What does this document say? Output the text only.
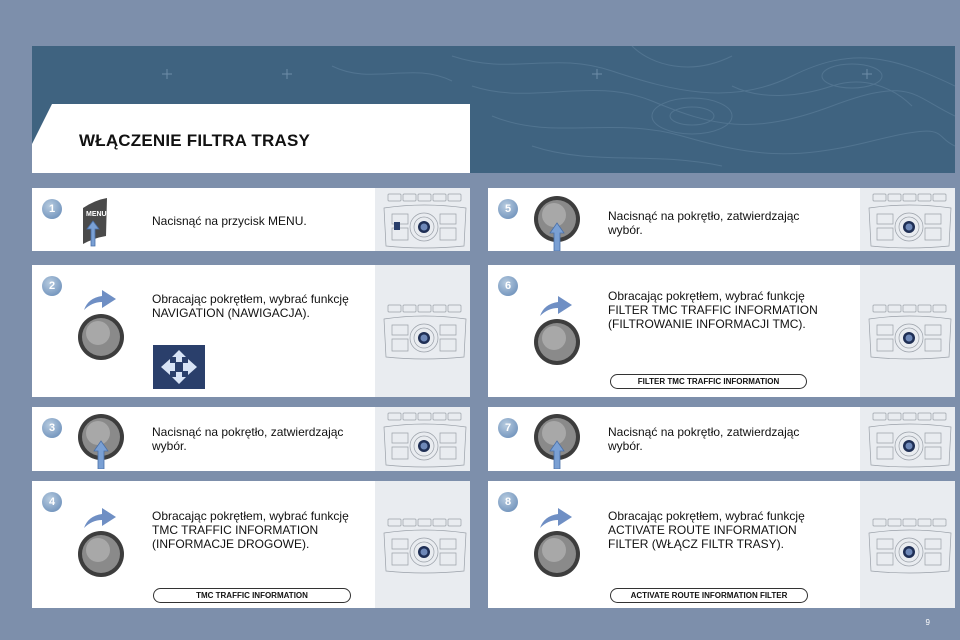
WŁĄCZENIE FILTRA TRASY
1
Nacisnąć na przycisk MENU.
MENU
2
Obracając pokrętłem, wybrać funkcję NAVIGATION (NAWIGACJA).
3	Nacisnąć na pokrętło, zatwierdzając wybór.
4
Obracając pokrętłem, wybrać funkcję TMC TRAFFIC INFORMATION (INFORMACJE DROGOWE).
TMC TRAFFIC INFORMATION
5	Nacisnąć na pokrętło, zatwierdzając wybór.
6
Obracając pokrętłem, wybrać funkcję FILTER TMC TRAFFIC INFORMATION (FILTROWANIE INFORMACJI TMC).
FILTER TMC TRAFFIC INFORMATION
7	Nacisnąć na pokrętło, zatwierdzając wybór.
8
Obracając pokrętłem, wybrać funkcję ACTIVATE ROUTE INFORMATION FILTER (WŁĄCZ FILTR TRASY).
ACTIVATE ROUTE INFORMATION FILTER
9
